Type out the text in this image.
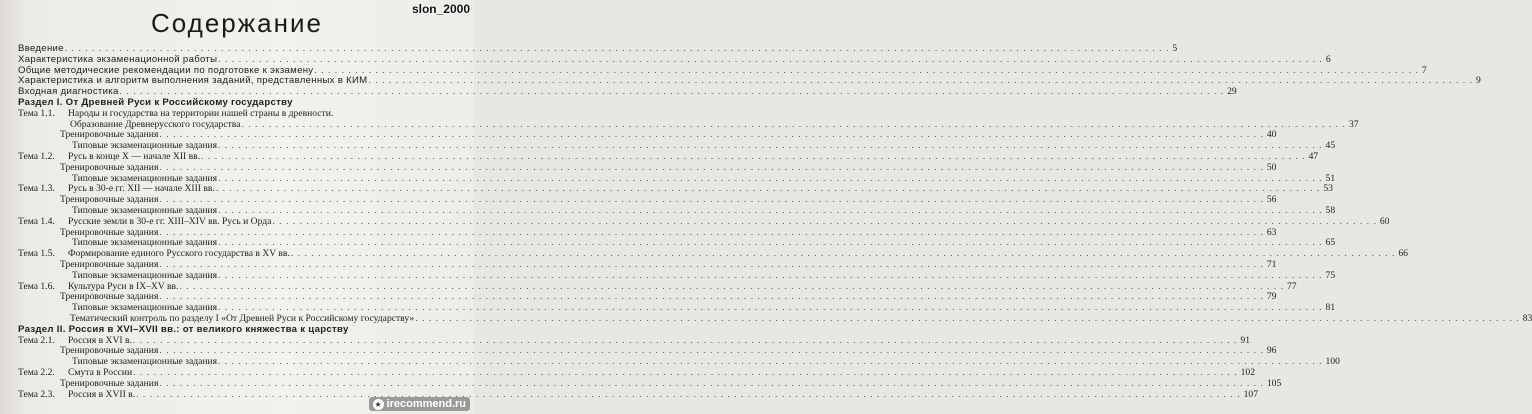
slon_2000
Содержание
Введение . . .	5
Характеристика экзаменационной работы . . .	6
Общие методические рекомендации по подготовке к экзамену . . .	7
Характеристика и алгоритм выполнения заданий, представленных в КИМ . . .	9
Входная диагностика . . .	29
Раздел I. От Древней Руси к Российскому государству
Тема 1.1. Народы и государства на территории нашей страны в древности.
Образование Древнерусского государства . . .	37
Тренировочные задания . . .	40
Типовые экзаменационные задания . . .	45
Тема 1.2. Русь в конце X — начале XII вв. . . .	47
Тренировочные задания . . .	50
Типовые экзаменационные задания . . .	51
Тема 1.3. Русь в 30-е гг. XII — начале XIII вв. . . .	53
Тренировочные задания . . .	56
Типовые экзаменационные задания . . .	58
Тема 1.4. Русские земли в 30-е гг. XIII–XIV вв. Русь и Орда . . .	60
Тренировочные задания . . .	63
Типовые экзаменационные задания . . .	65
Тема 1.5. Формирование единого Русского государства в XV вв. . . .	66
Тренировочные задания . . .	71
Типовые экзаменационные задания . . .	75
Тема 1.6. Культура Руси в IX–XV вв. . . .	77
Тренировочные задания . . .	79
Типовые экзаменационные задания . . .	81
Тематический контроль по разделу I «От Древней Руси к Российскому государству» . . .	83
Раздел II. Россия в XVI–XVII вв.: от великого княжества к царству
Тема 2.1. Россия в XVI в. . . .	91
Тренировочные задания . . .	96
Типовые экзаменационные задания . . .	100
Тема 2.2. Смута в России . . .	102
Тренировочные задания . . .	105
Тема 2.3. Россия в XVII в. . . .	107
★ irecommend.ru
